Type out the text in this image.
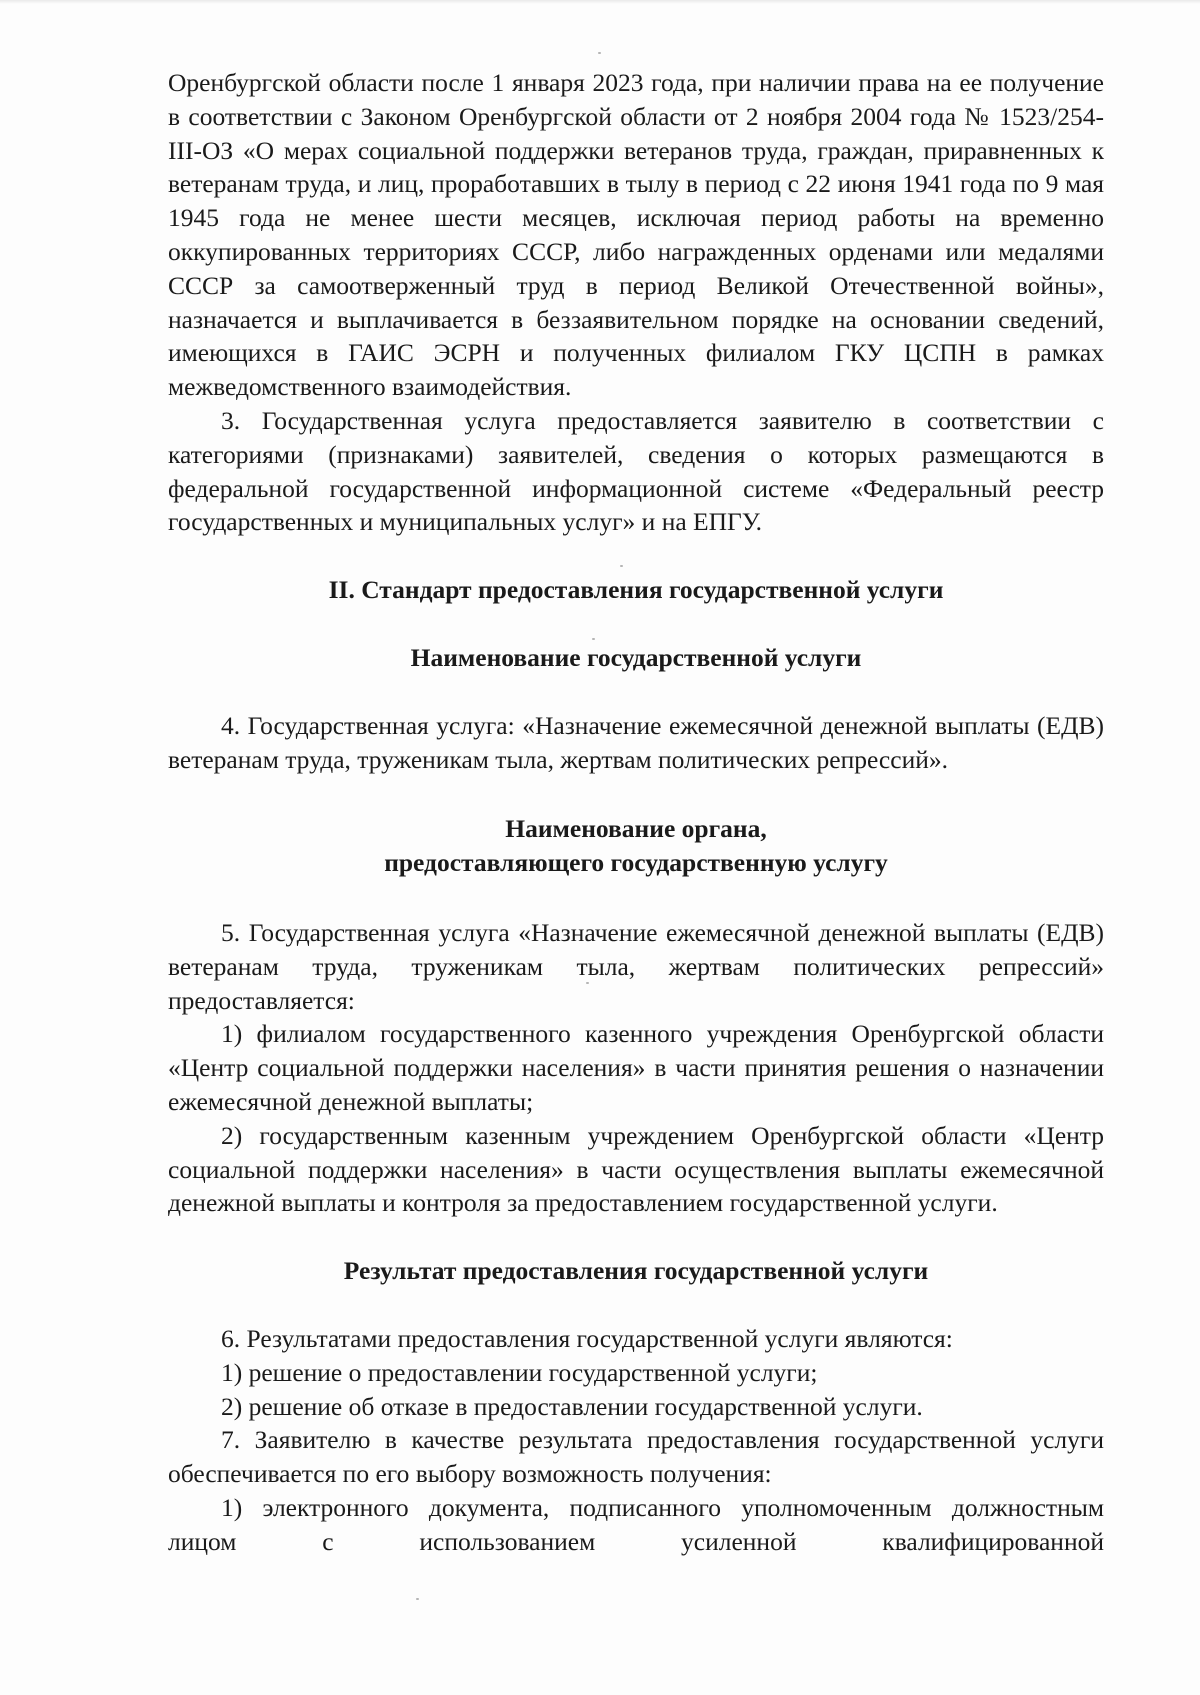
Оренбургской области после 1 января 2023 года, при наличии права на ее получение в соответствии с Законом Оренбургской области от 2 ноября 2004 года № 1523/254-III-ОЗ «О мерах социальной поддержки ветеранов труда, граждан, приравненных к ветеранам труда, и лиц, проработавших в тылу в период с 22 июня 1941 года по 9 мая 1945 года не менее шести месяцев, исключая период работы на временно оккупированных территориях СССР, либо награжденных орденами или медалями СССР за самоотверженный труд в период Великой Отечественной войны», назначается и выплачивается в беззаявительном порядке на основании сведений, имеющихся в ГАИС ЭСРН и полученных филиалом ГКУ ЦСПН в рамках межведомственного взаимодействия.

3. Государственная услуга предоставляется заявителю в соответствии с категориями (признаками) заявителей, сведения о которых размещаются в федеральной государственной информационной системе «Федеральный реестр государственных и муниципальных услуг» и на ЕПГУ.

II. Стандарт предоставления государственной услуги

Наименование государственной услуги

4. Государственная услуга: «Назначение ежемесячной денежной выплаты (ЕДВ) ветеранам труда, труженикам тыла, жертвам политических репрессий».

Наименование органа,

предоставляющего государственную услугу

5. Государственная услуга «Назначение ежемесячной денежной выплаты (ЕДВ) ветеранам труда, труженикам тыла, жертвам политических репрессий» предоставляется:

1) филиалом государственного казенного учреждения Оренбургской области «Центр социальной поддержки населения» в части принятия решения о назначении ежемесячной денежной выплаты;

2) государственным казенным учреждением Оренбургской области «Центр социальной поддержки населения» в части осуществления выплаты ежемесячной денежной выплаты и контроля за предоставлением государственной услуги.

Результат предоставления государственной услуги

6. Результатами предоставления государственной услуги являются:

1) решение о предоставлении государственной услуги;

2) решение об отказе в предоставлении государственной услуги.

7. Заявителю в качестве результата предоставления государственной услуги обеспечивается по его выбору возможность получения:

1) электронного документа, подписанного уполномоченным должностным лицом с использованием усиленной квалифицированной
